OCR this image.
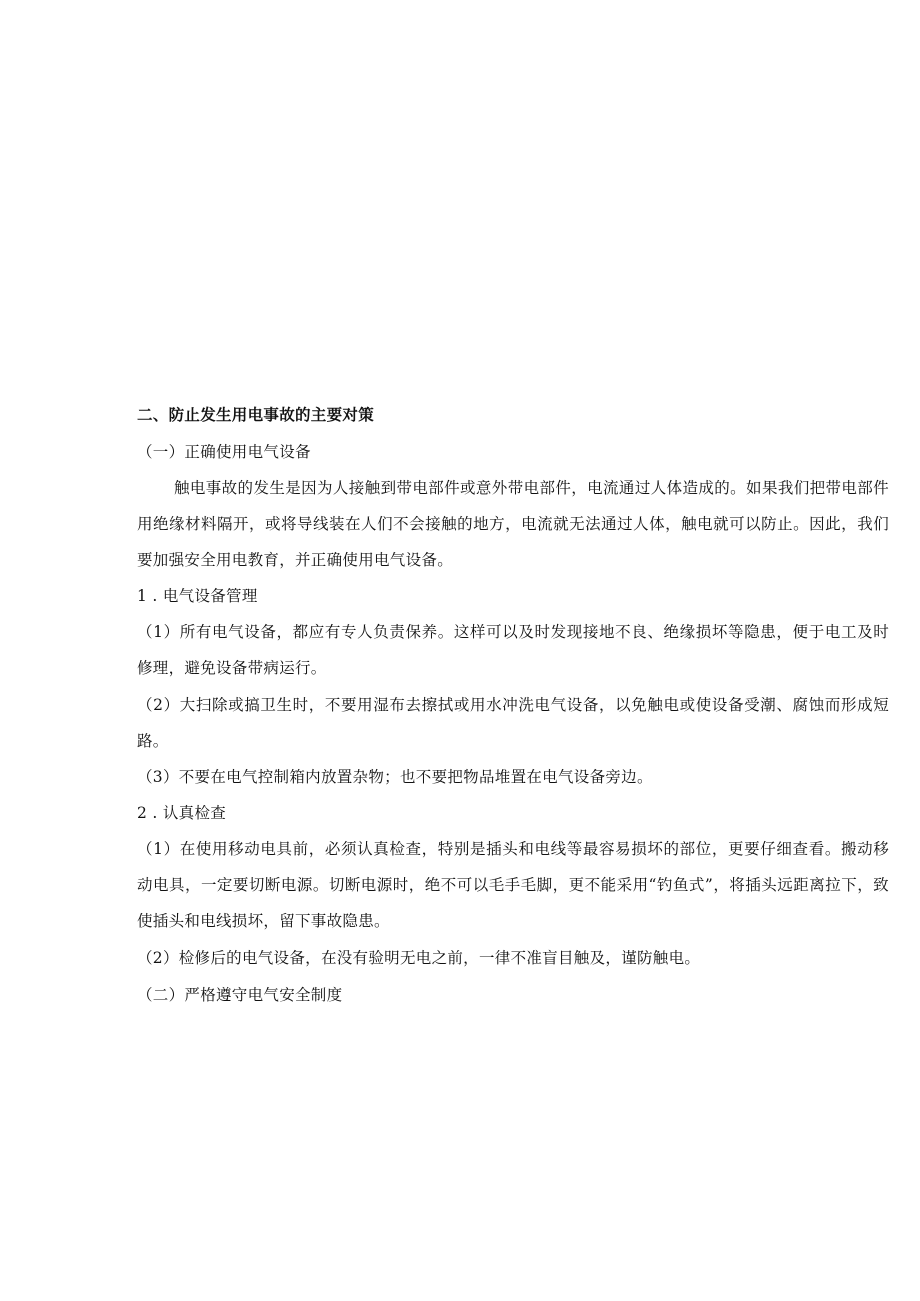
二、防止发生用电事故的主要对策
（一）正确使用电气设备
触电事故的发生是因为人接触到带电部件或意外带电部件，电流通过人体造成的。如果我们把带电部件用绝缘材料隔开，或将导线装在人们不会接触的地方，电流就无法通过人体，触电就可以防止。因此，我们要加强安全用电教育，并正确使用电气设备。
1 . 电气设备管理
（1）所有电气设备，都应有专人负责保养。这样可以及时发现接地不良、绝缘损坏等隐患，便于电工及时修理，避免设备带病运行。
（2）大扫除或搞卫生时，不要用湿布去擦拭或用水冲洗电气设备，以免触电或使设备受潮、腐蚀而形成短路。
（3）不要在电气控制箱内放置杂物；也不要把物品堆置在电气设备旁边。
2 . 认真检查
（1）在使用移动电具前，必须认真检查，特别是插头和电线等最容易损坏的部位，更要仔细查看。搬动移动电具，一定要切断电源。切断电源时，绝不可以毛手毛脚，更不能采用“钓鱼式”，将插头远距离拉下，致使插头和电线损坏，留下事故隐患。
（2）检修后的电气设备，在没有验明无电之前，一律不准盲目触及，谨防触电。
（二）严格遵守电气安全制度
